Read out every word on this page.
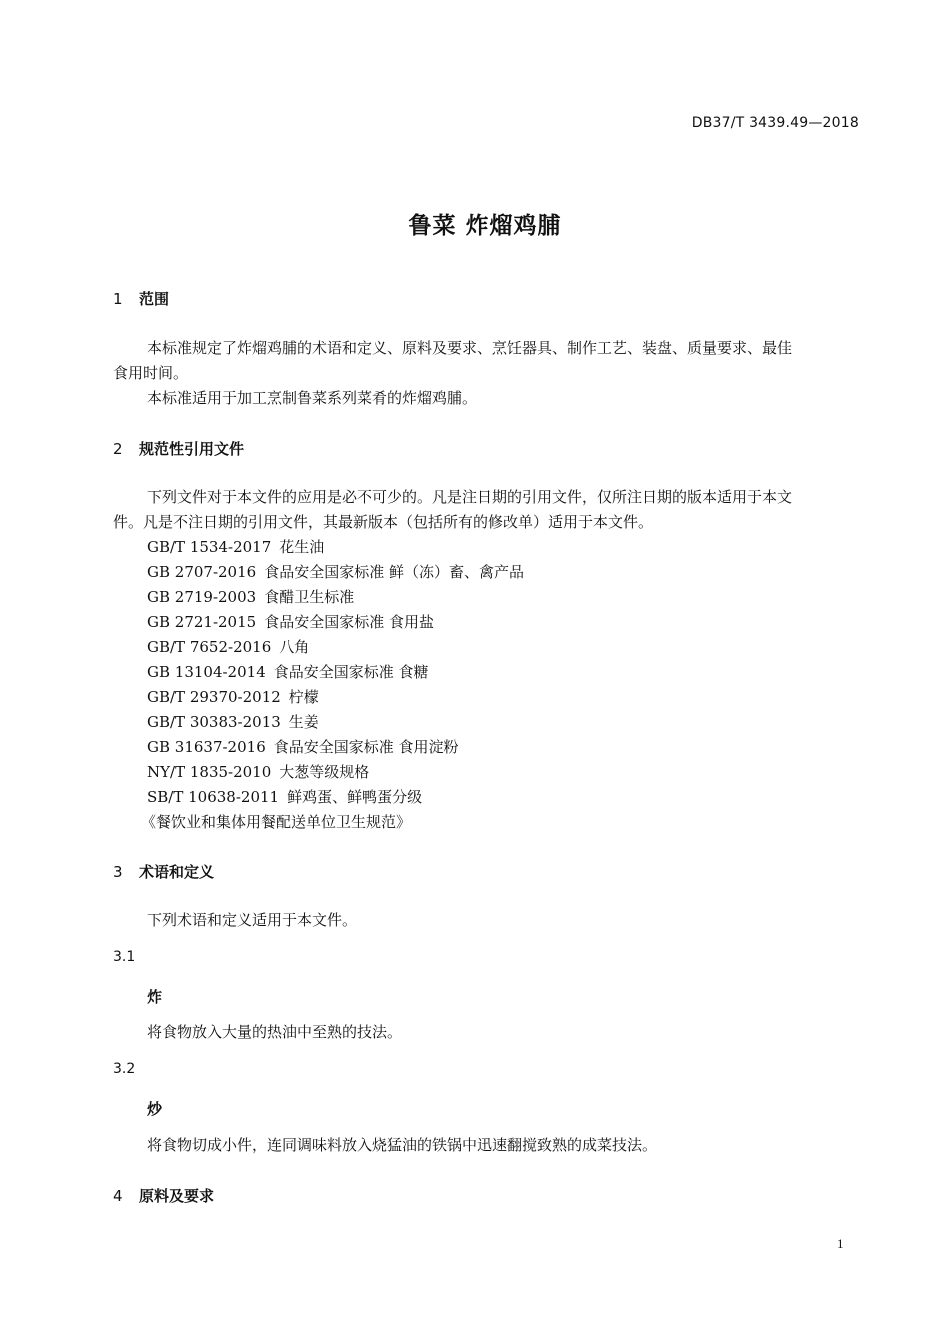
DB37/T 3439.49—2018
鲁菜 炸熘鸡脯
1 范围
本标准规定了炸熘鸡脯的术语和定义、原料及要求、烹饪器具、制作工艺、装盘、质量要求、最佳
食用时间。
本标准适用于加工烹制鲁菜系列菜肴的炸熘鸡脯。
2 规范性引用文件
下列文件对于本文件的应用是必不可少的。凡是注日期的引用文件，仅所注日期的版本适用于本文
件。凡是不注日期的引用文件，其最新版本（包括所有的修改单）适用于本文件。
GB/T 1534-2017 花生油
GB 2707-2016 食品安全国家标准 鲜（冻）畜、禽产品
GB 2719-2003 食醋卫生标准
GB 2721-2015 食品安全国家标准 食用盐
GB/T 7652-2016 八角
GB 13104-2014 食品安全国家标准 食糖
GB/T 29370-2012 柠檬
GB/T 30383-2013 生姜
GB 31637-2016 食品安全国家标准 食用淀粉
NY/T 1835-2010 大葱等级规格
SB/T 10638-2011 鲜鸡蛋、鲜鸭蛋分级
《餐饮业和集体用餐配送单位卫生规范》
3 术语和定义
下列术语和定义适用于本文件。
3.1
炸
将食物放入大量的热油中至熟的技法。
3.2
炒
将食物切成小件，连同调味料放入烧猛油的铁锅中迅速翻搅致熟的成菜技法。
4 原料及要求
1
